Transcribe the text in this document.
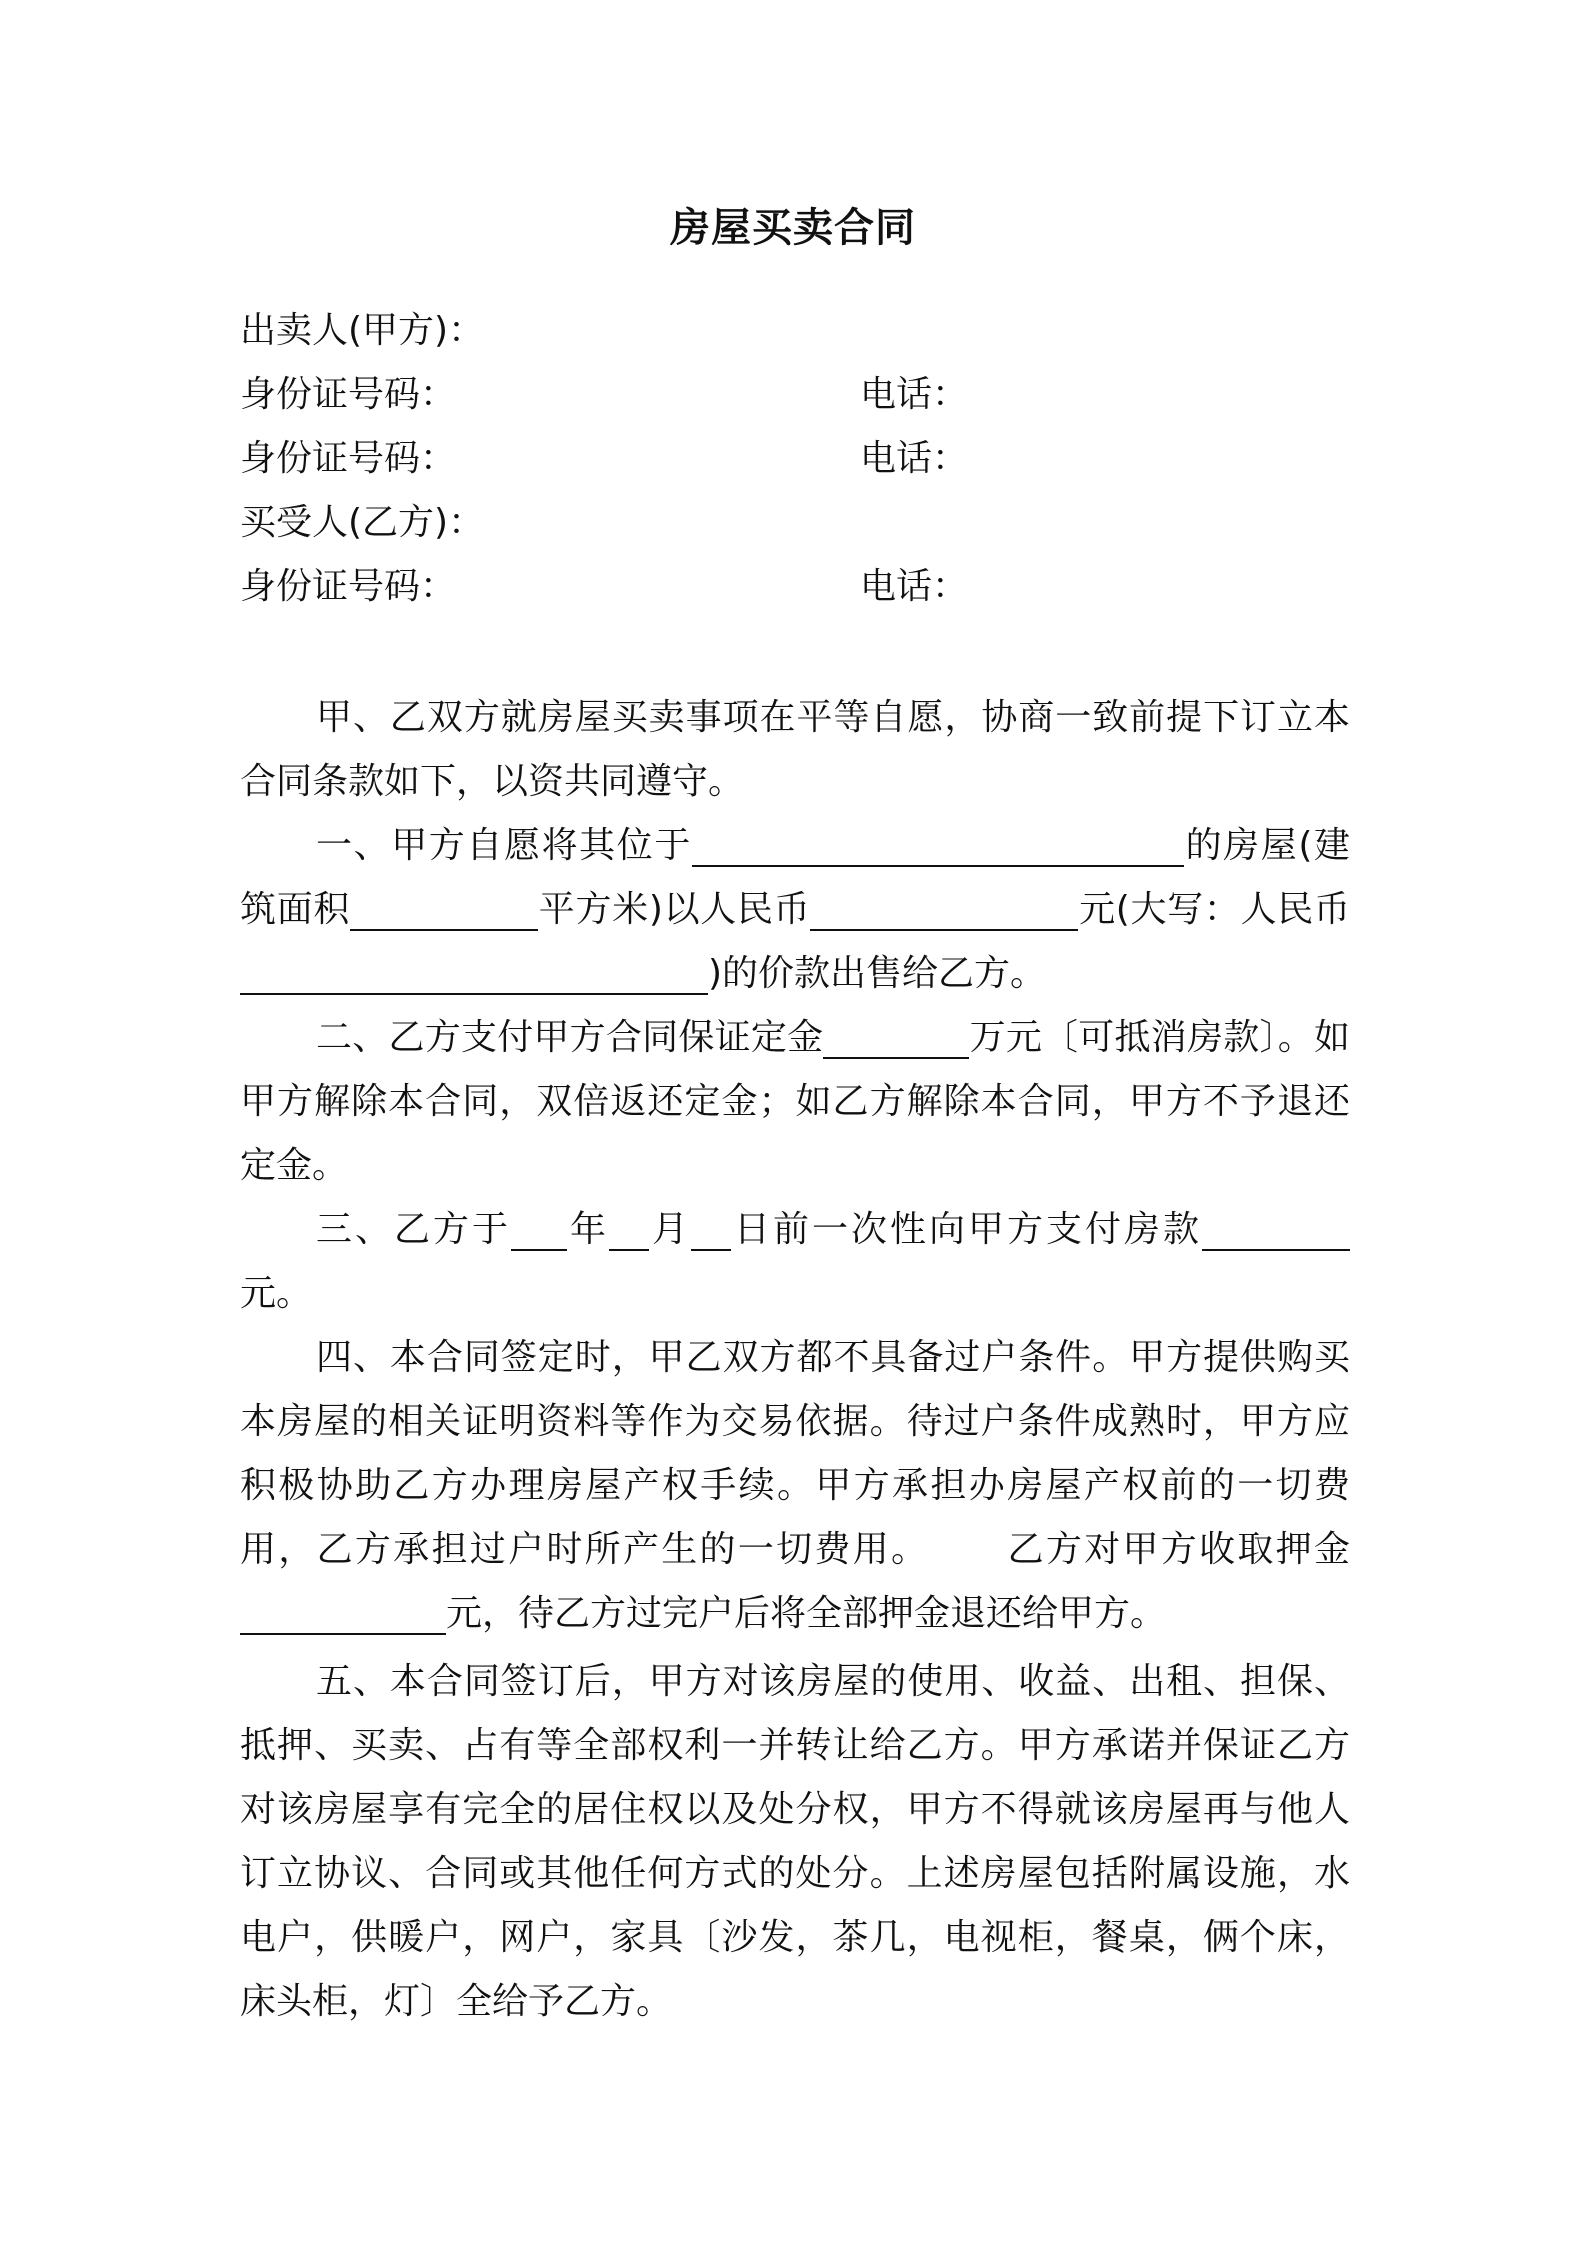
房屋买卖合同
出卖人(甲方)：
身份证号码：	电话：
身份证号码：	电话：
买受人(乙方)：
身份证号码：	电话：

甲、乙双方就房屋买卖事项在平等自愿，协商一致前提下订立本合同条款如下，以资共同遵守。

一、甲方自愿将其位于	的房屋(建筑面积	平方米)以人民币	元(大写：人民币)的价款出售给乙方。

二、乙方支付甲方合同保证定金	万元〔可抵消房款〕。如甲方解除本合同，双倍返还定金；如乙方解除本合同，甲方不予退还定金。

三、乙方于 年 月 日前一次性向甲方支付房款元。

四、本合同签定时，甲乙双方都不具备过户条件。甲方提供购买本房屋的相关证明资料等作为交易依据。待过户条件成熟时，甲方应积极协助乙方办理房屋产权手续。甲方承担办房屋产权前的一切费用，乙方承担过户时所产生的一切费用。 乙方对甲方收取押金元，待乙方过完户后将全部押金退还给甲方。

五、本合同签订后，甲方对该房屋的使用、收益、出租、担保、抵押、买卖、占有等全部权利一并转让给乙方。甲方承诺并保证乙方对该房屋享有完全的居住权以及处分权，甲方不得就该房屋再与他人订立协议、合同或其他任何方式的处分。上述房屋包括附属设施，水电户，供暖户，网户，家具〔沙发，茶几，电视柜，餐桌，俩个床，床头柜，灯〕全给予乙方。
